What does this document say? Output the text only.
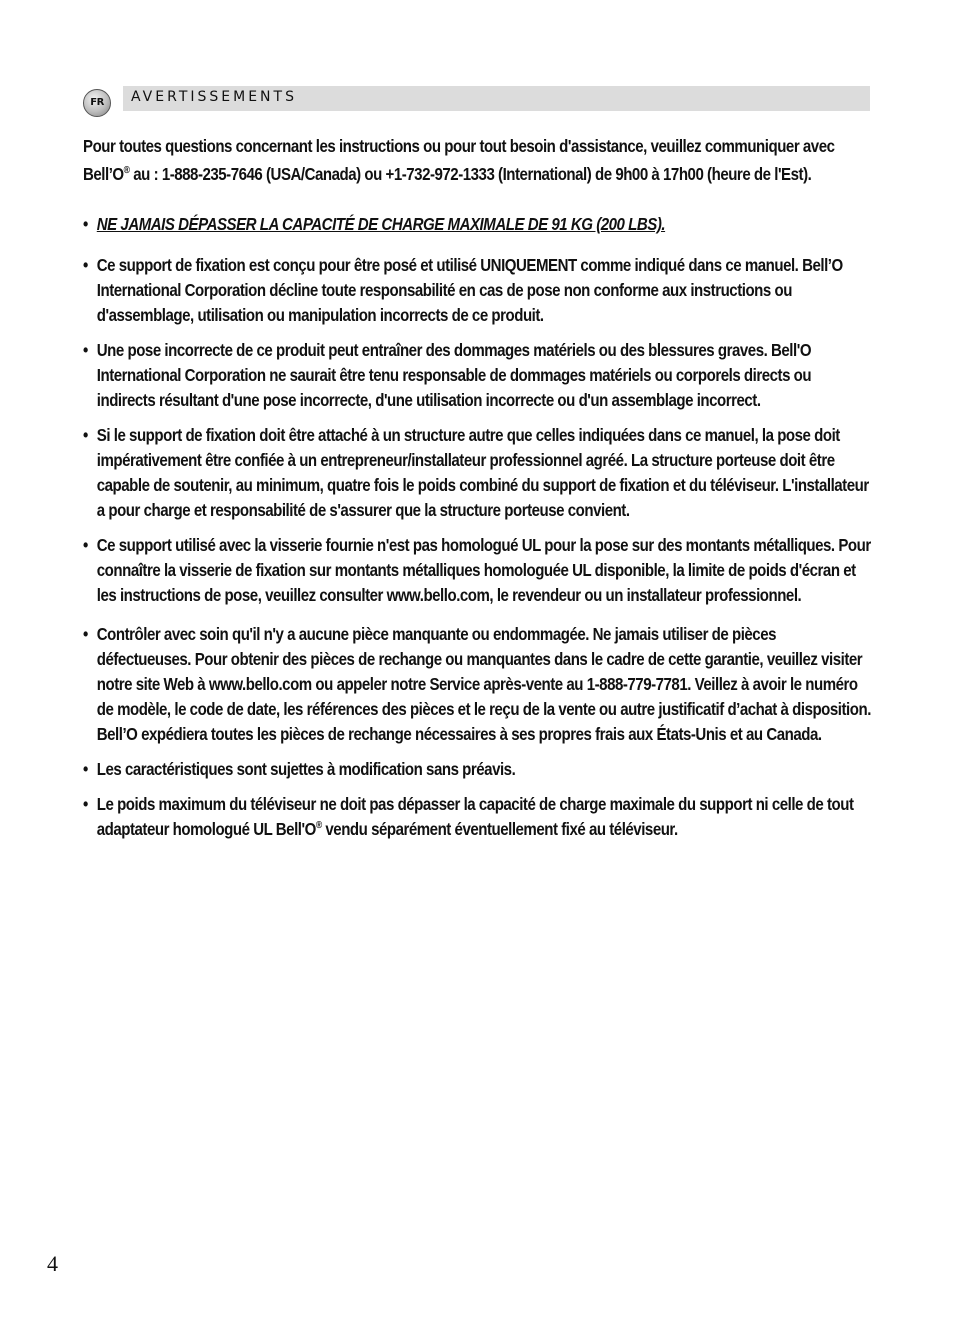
FR	AVERTISSEMENTS

Pour toutes questions concernant les instructions ou pour tout besoin d'assistance, veuillez communiquer avec Bell’O® au : 1-888-235-7646 (USA/Canada) ou +1-732-972-1333 (International) de 9h00 à 17h00 (heure de l'Est).

• NE JAMAIS DÉPASSER LA CAPACITÉ DE CHARGE MAXIMALE DE 91 KG (200 LBS).
• Ce support de fixation est conçu pour être posé et utilisé UNIQUEMENT comme indiqué dans ce manuel. Bell’O International Corporation décline toute responsabilité en cas de pose non conforme aux instructions ou d'assemblage, utilisation ou manipulation incorrects de ce produit.
• Une pose incorrecte de ce produit peut entraîner des dommages matériels ou des blessures graves. Bell'O International Corporation ne saurait être tenu responsable de dommages matériels ou corporels directs ou indirects résultant d'une pose incorrecte, d'une utilisation incorrecte ou d'un assemblage incorrect.
• Si le support de fixation doit être attaché à un structure autre que celles indiquées dans ce manuel, la pose doit impérativement être confiée à un entrepreneur/installateur professionnel agréé. La structure porteuse doit être capable de soutenir, au minimum, quatre fois le poids combiné du support de fixation et du téléviseur. L'installateur a pour charge et responsabilité de s'assurer que la structure porteuse convient.
• Ce support utilisé avec la visserie fournie n'est pas homologué UL pour la pose sur des montants métalliques. Pour connaître la visserie de fixation sur montants métalliques homologuée UL disponible, la limite de poids d'écran et les instructions de pose, veuillez consulter www.bello.com, le revendeur ou un installateur professionnel.
• Contrôler avec soin qu'il n'y a aucune pièce manquante ou endommagée. Ne jamais utiliser de pièces défectueuses. Pour obtenir des pièces de rechange ou manquantes dans le cadre de cette garantie, veuillez visiter notre site Web à www.bello.com ou appeler notre Service après-vente au 1-888-779-7781. Veillez à avoir le numéro de modèle, le code de date, les références des pièces et le reçu de la vente ou autre justificatif d’achat à disposition. Bell’O expédiera toutes les pièces de rechange nécessaires à ses propres frais aux États-Unis et au Canada.
• Les caractéristiques sont sujettes à modification sans préavis.
• Le poids maximum du téléviseur ne doit pas dépasser la capacité de charge maximale du support ni celle de tout adaptateur homologué UL Bell'O® vendu séparément éventuellement fixé au téléviseur.
4
